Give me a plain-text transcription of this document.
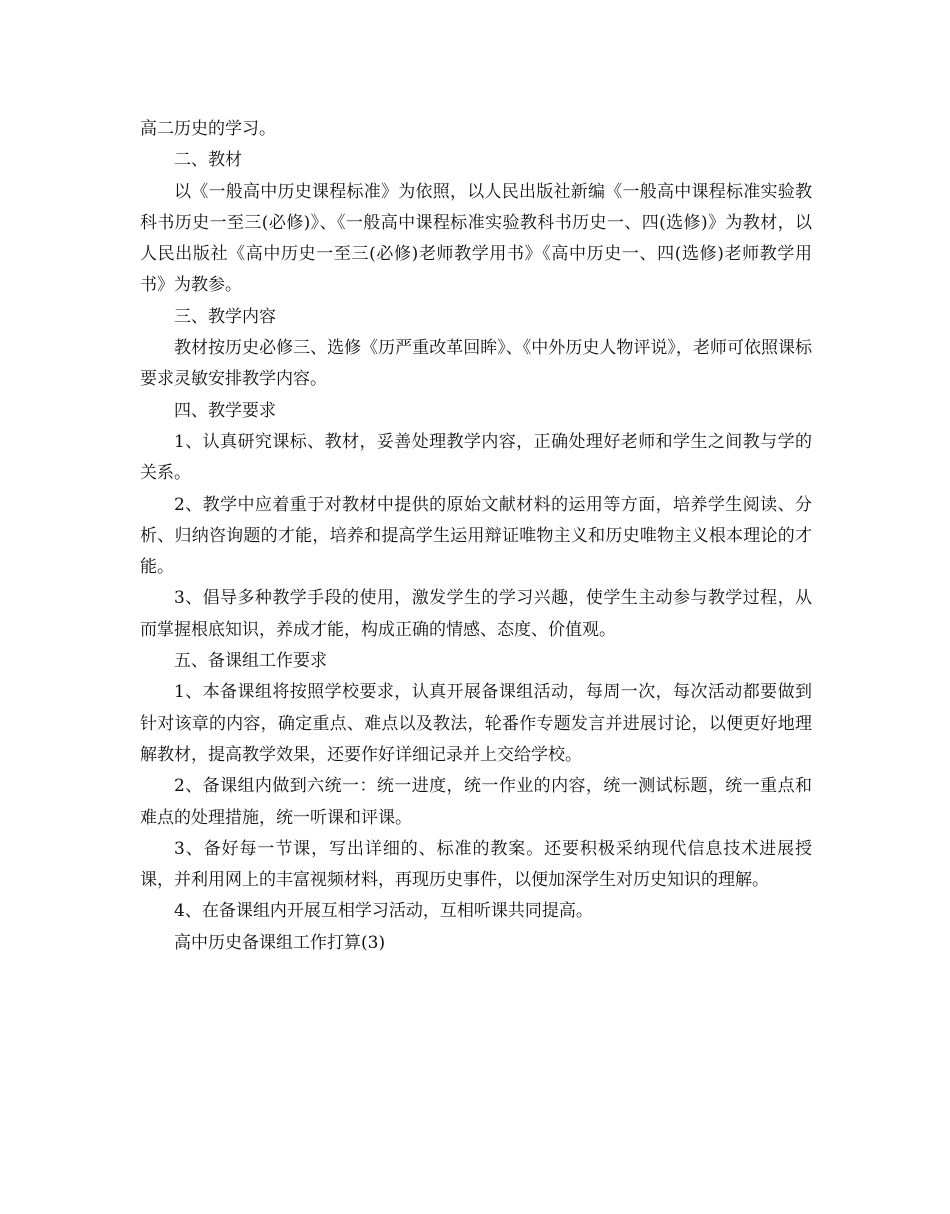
高二历史的学习。

二、教材

以《一般高中历史课程标准》为依照，以人民出版社新编《一般高中课程标准实验教科书历史一至三(必修)》、《一般高中课程标准实验教科书历史一、四(选修)》为教材，以人民出版社《高中历史一至三(必修)老师教学用书》《高中历史一、四(选修)老师教学用书》为教参。

三、教学内容

教材按历史必修三、选修《历严重改革回眸》、《中外历史人物评说》，老师可依照课标要求灵敏安排教学内容。

四、教学要求

1、认真研究课标、教材，妥善处理教学内容，正确处理好老师和学生之间教与学的关系。

2、教学中应着重于对教材中提供的原始文献材料的运用等方面，培养学生阅读、分析、归纳咨询题的才能，培养和提高学生运用辩证唯物主义和历史唯物主义根本理论的才能。

3、倡导多种教学手段的使用，激发学生的学习兴趣，使学生主动参与教学过程，从而掌握根底知识，养成才能，构成正确的情感、态度、价值观。

五、备课组工作要求

1、本备课组将按照学校要求，认真开展备课组活动，每周一次，每次活动都要做到针对该章的内容，确定重点、难点以及教法，轮番作专题发言并进展讨论，以便更好地理解教材，提高教学效果，还要作好详细记录并上交给学校。

2、备课组内做到六统一：统一进度，统一作业的内容，统一测试标题，统一重点和难点的处理措施，统一听课和评课。

3、备好每一节课，写出详细的、标准的教案。还要积极采纳现代信息技术进展授课，并利用网上的丰富视频材料，再现历史事件，以便加深学生对历史知识的理解。

4、在备课组内开展互相学习活动，互相听课共同提高。

高中历史备课组工作打算(3)
